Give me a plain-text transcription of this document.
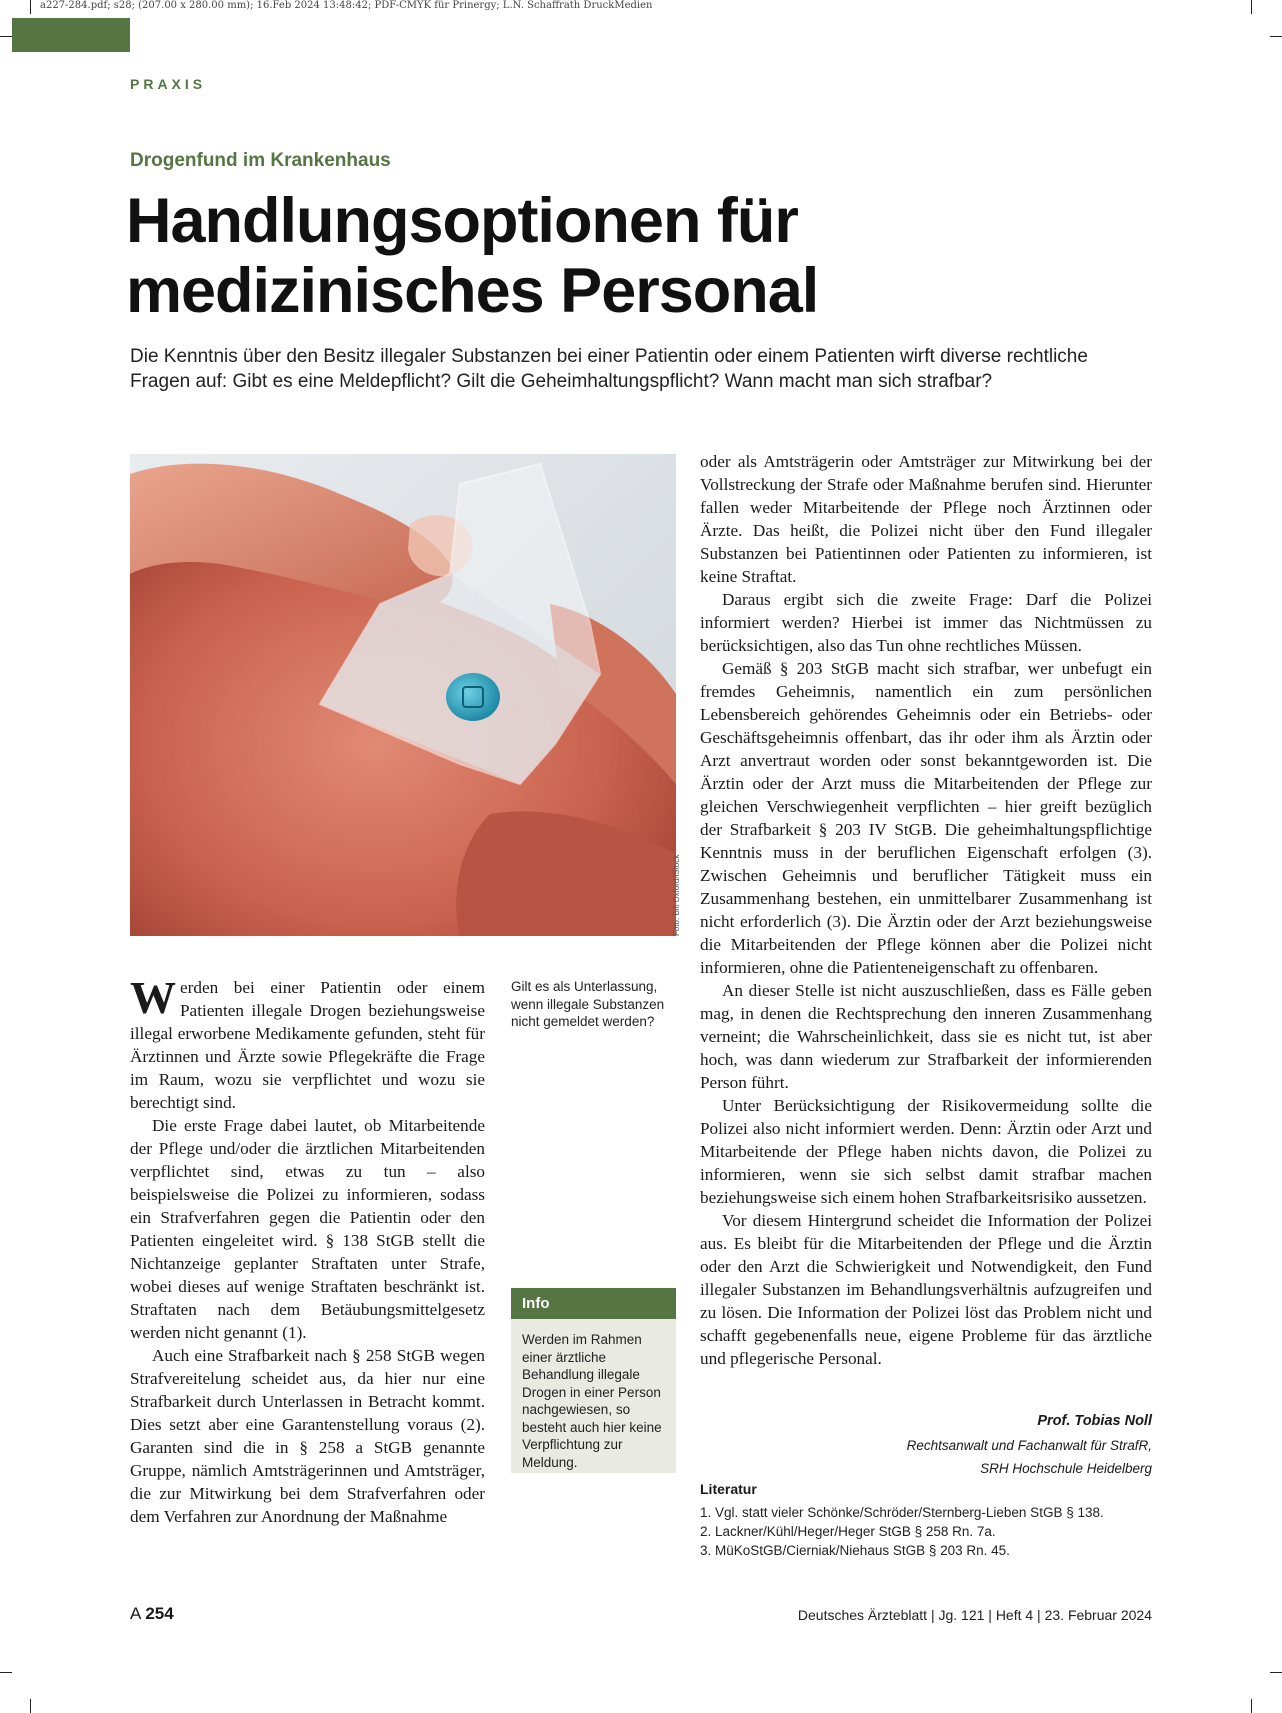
a227-284.pdf; s28; (207.00 x 280.00 mm); 16.Feb 2024 13:48:42; PDF-CMYK für Prinergy; L.N. Schaffrath DruckMedien
PRAXIS
Drogenfund im Krankenhaus
Handlungsoptionen für
medizinisches Personal

Die Kenntnis über den Besitz illegaler Substanzen bei einer Patientin oder einem Patienten wirft diverse rechtliche Fragen auf: Gibt es eine Meldepflicht? Gilt die Geheimhaltungspflicht? Wann macht man sich strafbar?

Foto: Bill Oxford/iStock

Werden bei einer Patientin oder einem Patienten illegale Drogen beziehungsweise illegal erworbene Medikamente gefunden, steht für Ärztinnen und Ärzte sowie Pflegekräfte die Frage im Raum, wozu sie verpflichtet und wozu sie berechtigt sind.

Die erste Frage dabei lautet, ob Mitarbeitende der Pflege und/oder die ärztlichen Mitarbeitenden verpflichtet sind, etwas zu tun – also beispielsweise die Polizei zu informieren, sodass ein Strafverfahren gegen die Patientin oder den Patienten eingeleitet wird. § 138 StGB stellt die Nichtanzeige geplanter Straftaten unter Strafe, wobei dieses auf wenige Straftaten beschränkt ist. Straftaten nach dem Betäubungsmittelgesetz werden nicht genannt (1).

Auch eine Strafbarkeit nach § 258 StGB wegen Strafvereitelung scheidet aus, da hier nur eine Strafbarkeit durch Unterlassen in Betracht kommt. Dies setzt aber eine Garantenstellung voraus (2). Garanten sind die in § 258 a StGB genannte Gruppe, nämlich Amtsträgerinnen und Amtsträger, die zur Mitwirkung bei dem Strafverfahren oder dem Verfahren zur Anordnung der Maßnahme

Gilt es als Unterlassung, wenn illegale Substanzen nicht gemeldet werden?

Info

Werden im Rahmen einer ärztliche Behandlung illegale Drogen in einer Person nachgewiesen, so besteht auch hier keine Verpflichtung zur Meldung.

oder als Amtsträgerin oder Amtsträger zur Mitwirkung bei der Vollstreckung der Strafe oder Maßnahme berufen sind. Hierunter fallen weder Mitarbeitende der Pflege noch Ärztinnen oder Ärzte. Das heißt, die Polizei nicht über den Fund illegaler Substanzen bei Patientinnen oder Patienten zu informieren, ist keine Straftat.

Daraus ergibt sich die zweite Frage: Darf die Polizei informiert werden? Hierbei ist immer das Nichtmüssen zu berücksichtigen, also das Tun ohne rechtliches Müssen.

Gemäß § 203 StGB macht sich strafbar, wer unbefugt ein fremdes Geheimnis, namentlich ein zum persönlichen Lebensbereich gehörendes Geheimnis oder ein Betriebs- oder Geschäftsgeheimnis offenbart, das ihr oder ihm als Ärztin oder Arzt anvertraut worden oder sonst bekanntgeworden ist. Die Ärztin oder der Arzt muss die Mitarbeitenden der Pflege zur gleichen Verschwiegenheit verpflichten – hier greift bezüglich der Strafbarkeit § 203 IV StGB. Die geheimhaltungspflichtige Kenntnis muss in der beruflichen Eigenschaft erfolgen (3). Zwischen Geheimnis und beruflicher Tätigkeit muss ein Zusammenhang bestehen, ein unmittelbarer Zusammenhang ist nicht erforderlich (3). Die Ärztin oder der Arzt beziehungsweise die Mitarbeitenden der Pflege können aber die Polizei nicht informieren, ohne die Patienteneigenschaft zu offenbaren.

An dieser Stelle ist nicht auszuschließen, dass es Fälle geben mag, in denen die Rechtsprechung den inneren Zusammenhang verneint; die Wahrscheinlichkeit, dass sie es nicht tut, ist aber hoch, was dann wiederum zur Strafbarkeit der informierenden Person führt.

Unter Berücksichtigung der Risikovermeidung sollte die Polizei also nicht informiert werden. Denn: Ärztin oder Arzt und Mitarbeitende der Pflege haben nichts davon, die Polizei zu informieren, wenn sie sich selbst damit strafbar machen beziehungsweise sich einem hohen Strafbarkeitsrisiko aussetzen.

Vor diesem Hintergrund scheidet die Information der Polizei aus. Es bleibt für die Mitarbeitenden der Pflege und die Ärztin oder den Arzt die Schwierigkeit und Notwendigkeit, den Fund illegaler Substanzen im Behandlungsverhältnis aufzugreifen und zu lösen. Die Information der Polizei löst das Problem nicht und schafft gegebenenfalls neue, eigene Probleme für das ärztliche und pflegerische Personal.

Prof. Tobias Noll
Rechtsanwalt und Fachanwalt für StrafR,
SRH Hochschule Heidelberg
Literatur
1. Vgl. statt vieler Schönke/Schröder/Sternberg-Lieben StGB § 138.
2. Lackner/Kühl/Heger/Heger StGB § 258 Rn. 7a.
3. MüKoStGB/Cierniak/Niehaus StGB § 203 Rn. 45.
A 254	Deutsches Ärzteblatt | Jg. 121 | Heft 4 | 23. Februar 2024
